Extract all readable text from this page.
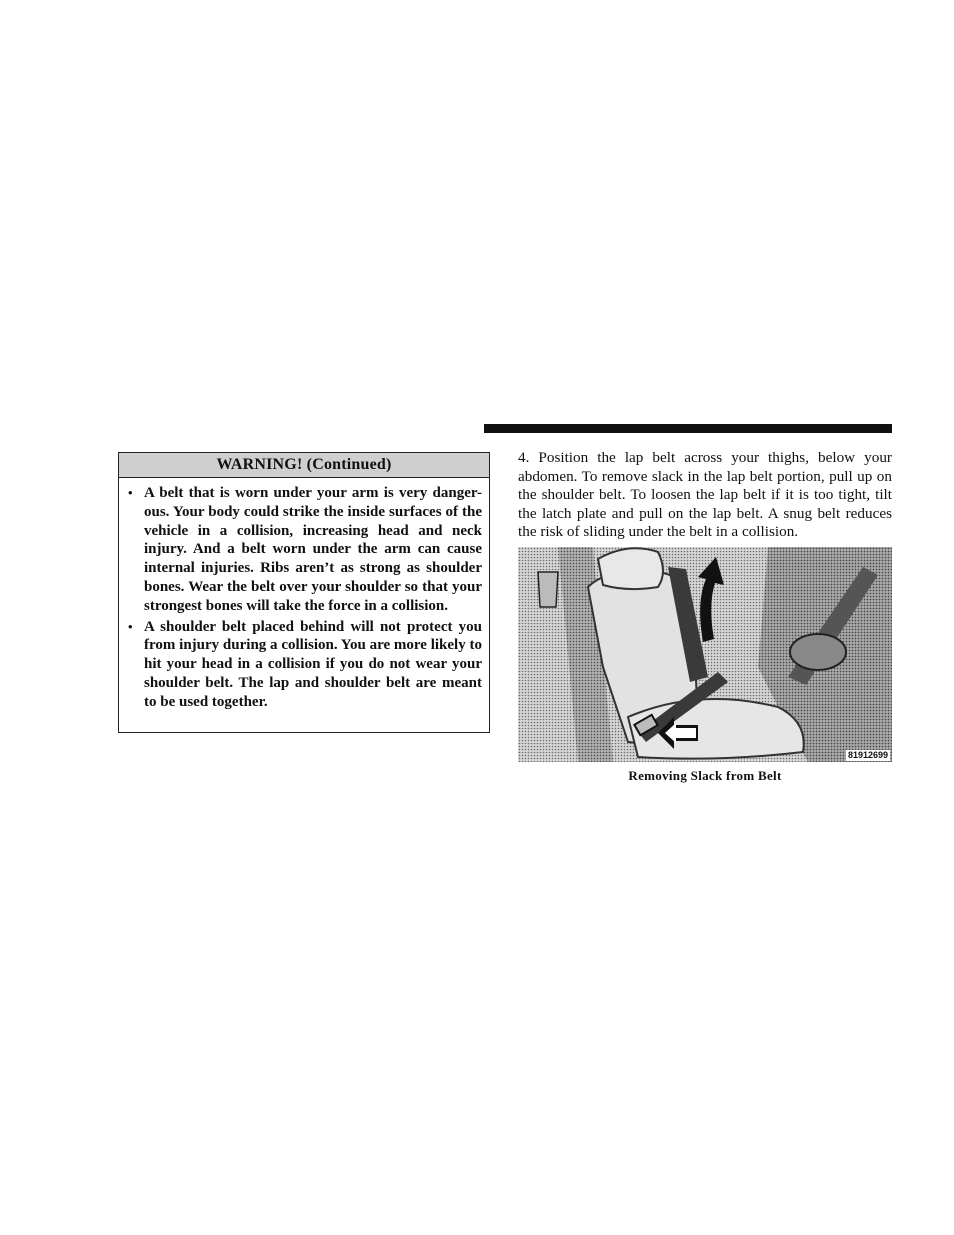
WARNING! (Continued)
• A belt that is worn under your arm is very danger-ous. Your body could strike the inside surfaces of the vehicle in a collision, increasing head and neck injury. And a belt worn under the arm can cause internal injuries. Ribs aren’t as strong as shoulder bones. Wear the belt over your shoulder so that your strongest bones will take the force in a collision.
• A shoulder belt placed behind will not protect you from injury during a collision. You are more likely to hit your head in a collision if you do not wear your shoulder belt. The lap and shoulder belt are meant to be used together.
4. Position the lap belt across your thighs, below your abdomen. To remove slack in the lap belt portion, pull up on the shoulder belt. To loosen the lap belt if it is too tight, tilt the latch plate and pull on the lap belt. A snug belt reduces the risk of sliding under the belt in a collision.
81912699
Removing Slack from Belt
